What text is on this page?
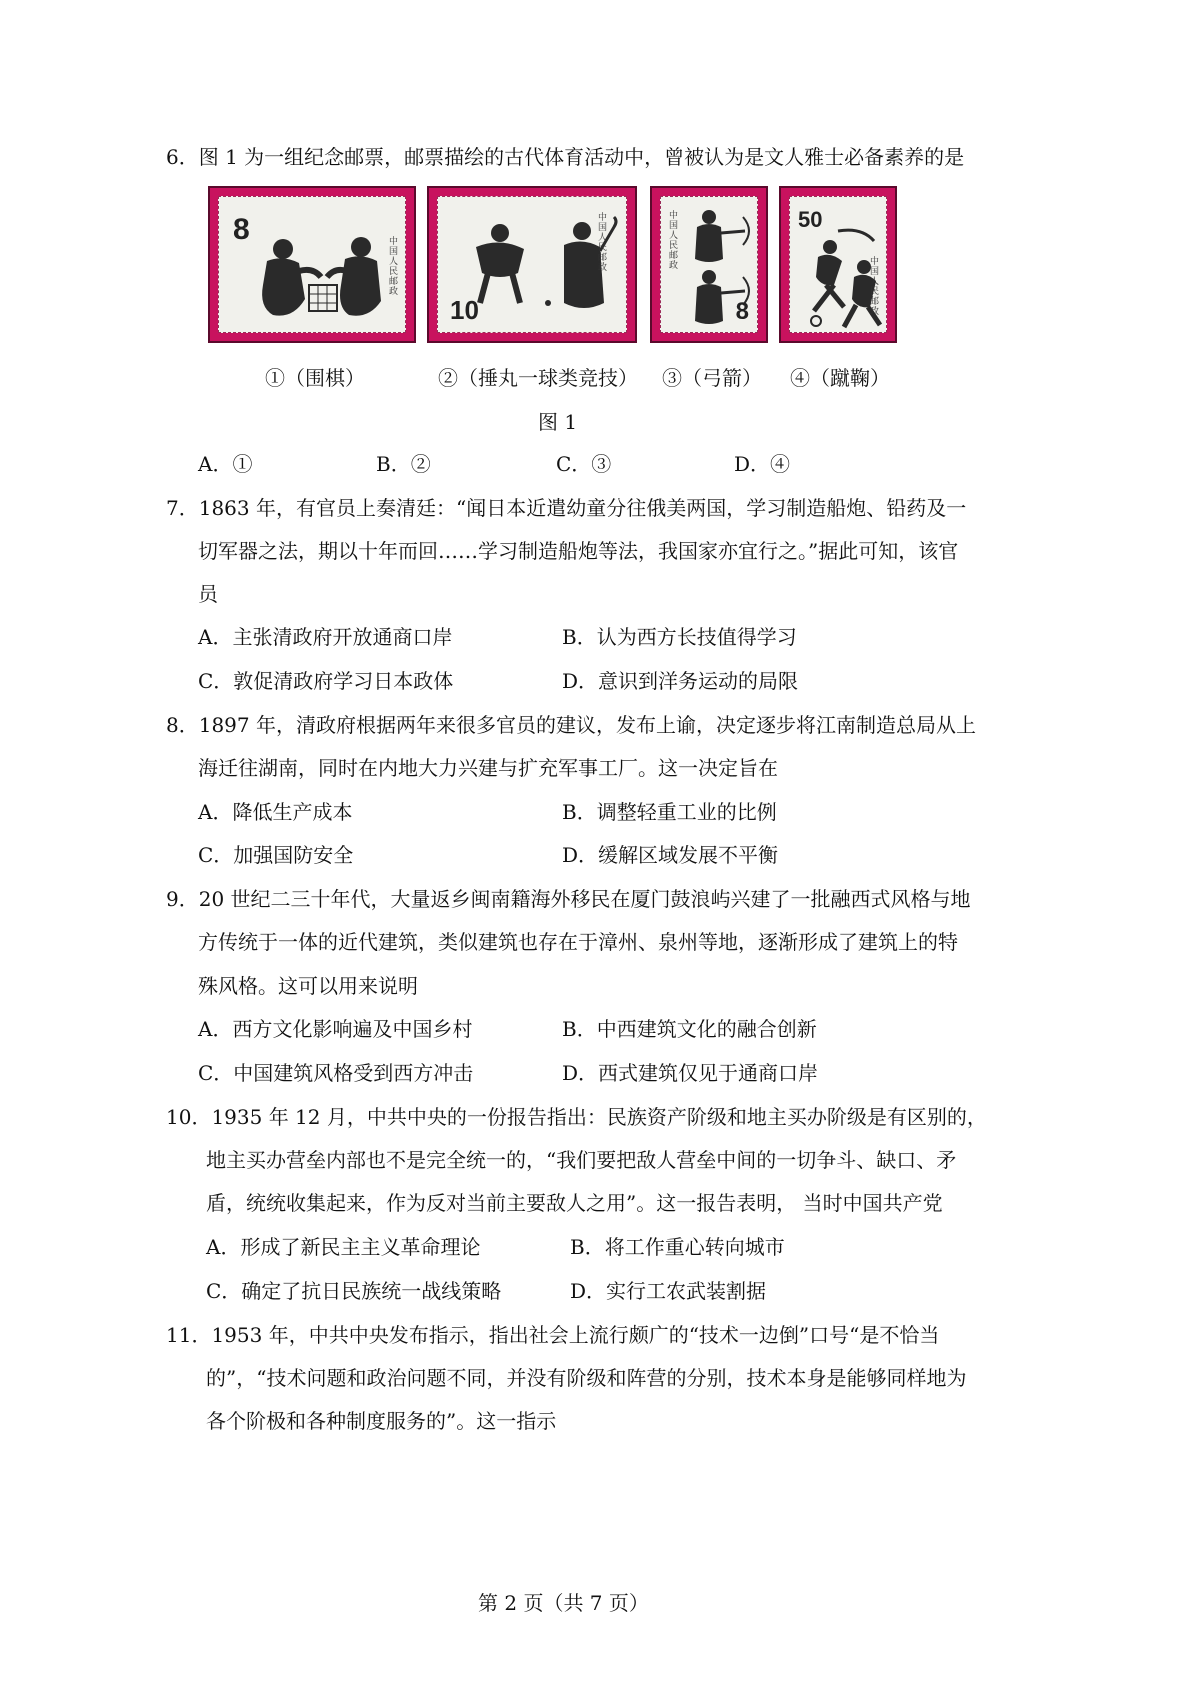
6．图 1 为一组纪念邮票，邮票描绘的古代体育活动中，曾被认为是文人雅士必备素养的是
8	中国人民邮政
10
中国人民邮政
中国人民邮政
8
50
中国人民邮政
①（围棋）	②（捶丸一球类竞技） ③（弓箭） ④（蹴鞠）
图 1
A．①	B．②	C．③	D．④
7．1863 年，有官员上奏清廷：“闻日本近遣幼童分往俄美两国，学习制造船炮、铅药及一
切军器之法，期以十年而回……学习制造船炮等法，我国家亦宜行之。”据此可知，该官
员
A．主张清政府开放通商口岸	B．认为西方长技值得学习
C．敦促清政府学习日本政体	D．意识到洋务运动的局限
8．1897 年，清政府根据两年来很多官员的建议，发布上谕，决定逐步将江南制造总局从上
海迁往湖南，同时在内地大力兴建与扩充军事工厂。这一决定旨在
A．降低生产成本	B．调整轻重工业的比例
C．加强国防安全	D．缓解区域发展不平衡
9．20 世纪二三十年代，大量返乡闽南籍海外移民在厦门鼓浪屿兴建了一批融西式风格与地
方传统于一体的近代建筑，类似建筑也存在于漳州、泉州等地，逐渐形成了建筑上的特
殊风格。这可以用来说明
A．西方文化影响遍及中国乡村	B．中西建筑文化的融合创新
C．中国建筑风格受到西方冲击	D．西式建筑仅见于通商口岸
10．1935 年 12 月，中共中央的一份报告指出：民族资产阶级和地主买办阶级是有区别的，
地主买办营垒内部也不是完全统一的，“我们要把敌人营垒中间的一切争斗、缺口、矛
盾，统统收集起来，作为反对当前主要敌人之用”。这一报告表明， 当时中国共产党
A．形成了新民主主义革命理论	B．将工作重心转向城市
C．确定了抗日民族统一战线策略	D．实行工农武装割据
11．1953 年，中共中央发布指示，指出社会上流行颇广的“技术一边倒”口号“是不恰当
的”，“技术问题和政治问题不同，并没有阶级和阵营的分别，技术本身是能够同样地为
各个阶极和各种制度服务的”。这一指示
第 2 页（共 7 页）
